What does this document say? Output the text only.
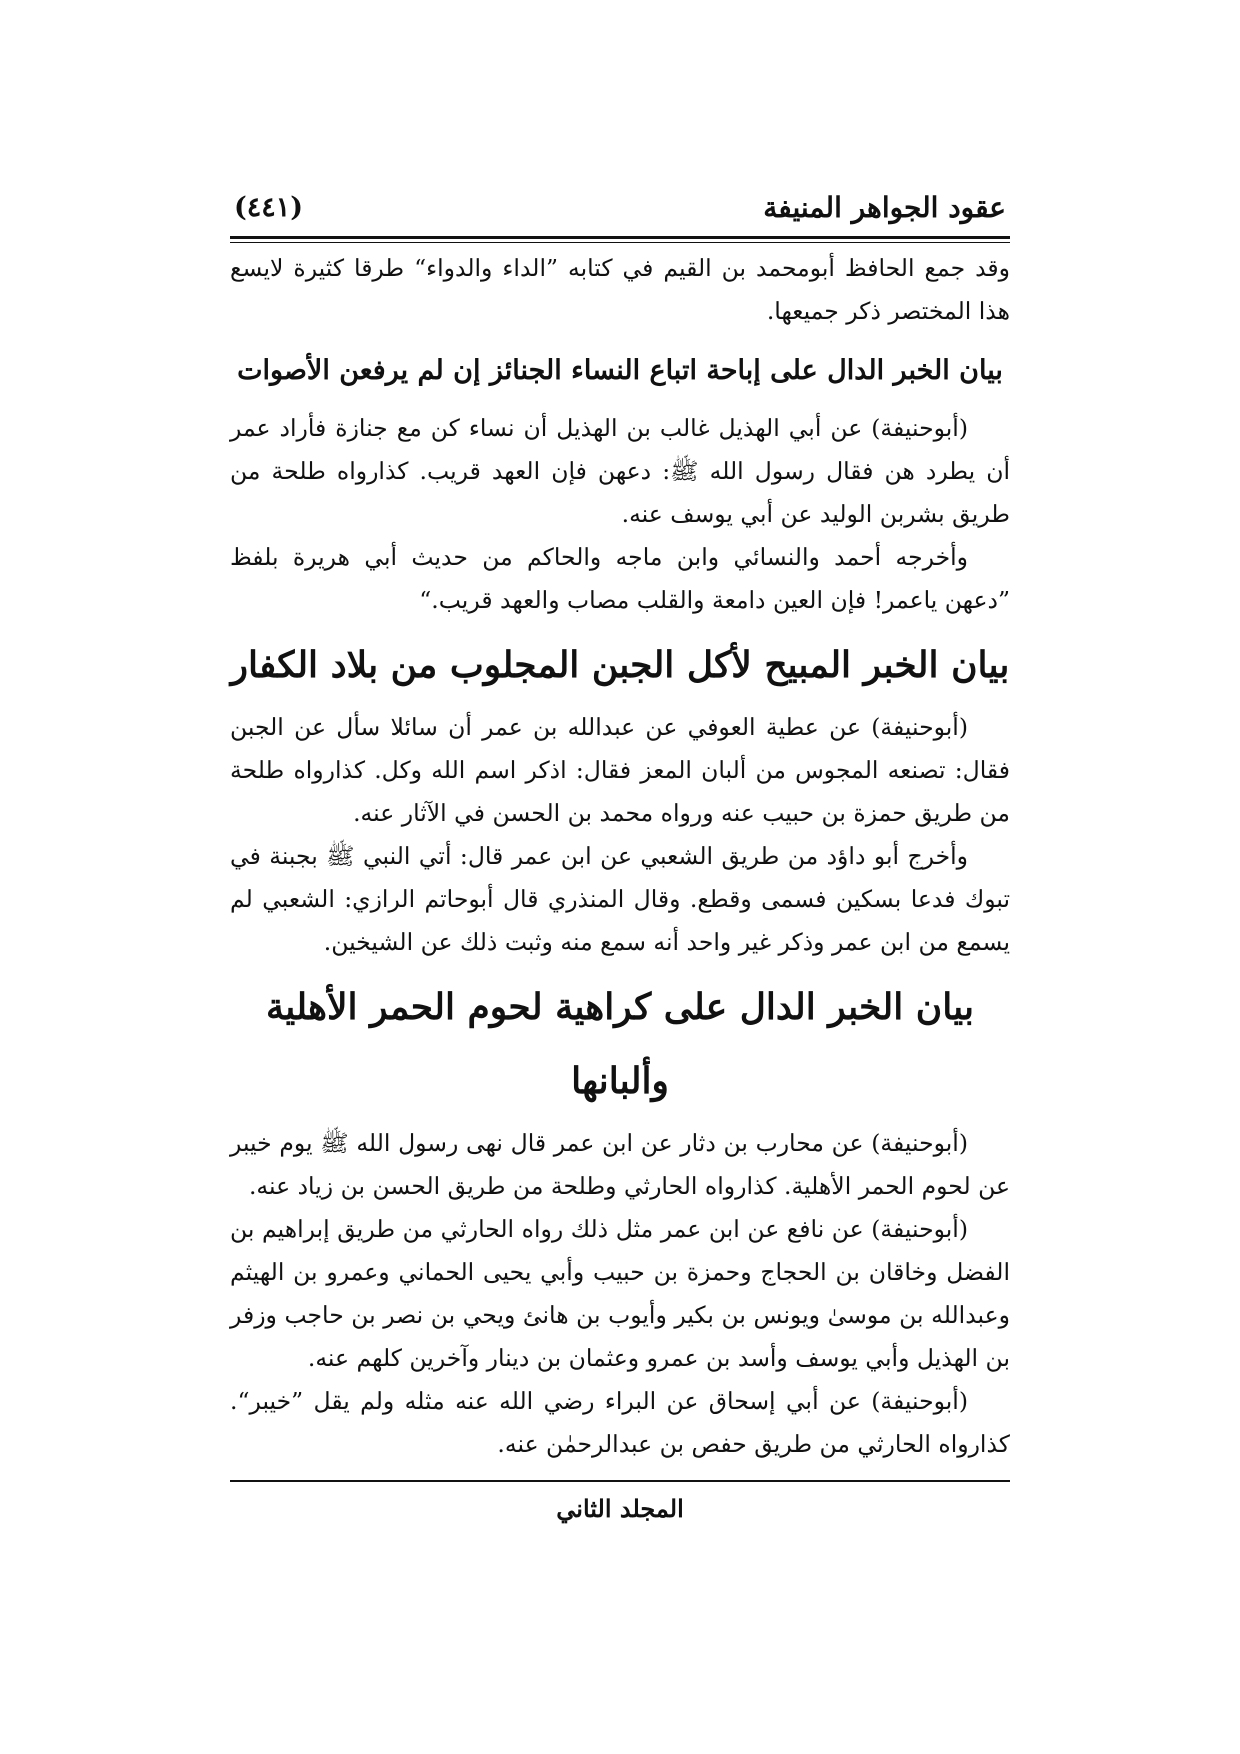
عقود الجواهر المنيفة
(٤٤١)

وقد جمع الحافظ أبومحمد بن القيم في كتابه ”الداء والدواء“ طرقا كثيرة لايسع هذا المختصر ذكر جميعها.

بيان الخبر الدال على إباحة اتباع النساء الجنائز إن لم يرفعن الأصوات

(أبوحنيفة) عن أبي الهذيل غالب بن الهذيل أن نساء كن مع جنازة فأراد عمر أن يطرد هن فقال رسول الله ﷺ: دعهن فإن العهد قريب. كذارواه طلحة من طريق بشربن الوليد عن أبي يوسف عنه.

وأخرجه أحمد والنسائي وابن ماجه والحاكم من حديث أبي هريرة بلفظ ”دعهن ياعمر! فإن العين دامعة والقلب مصاب والعهد قريب.“

بيان الخبر المبيح لأكل الجبن المجلوب من بلاد الكفار

(أبوحنيفة) عن عطية العوفي عن عبدالله بن عمر أن سائلا سأل عن الجبن فقال: تصنعه المجوس من ألبان المعز فقال: اذكر اسم الله وكل. كذارواه طلحة من طريق حمزة بن حبيب عنه ورواه محمد بن الحسن في الآثار عنه.

وأخرج أبو داؤد من طريق الشعبي عن ابن عمر قال: أتي النبي ﷺ بجبنة في تبوك فدعا بسكين فسمى وقطع. وقال المنذري قال أبوحاتم الرازي: الشعبي لم يسمع من ابن عمر وذكر غير واحد أنه سمع منه وثبت ذلك عن الشيخين.

بيان الخبر الدال على كراهية لحوم الحمر الأهلية وألبانها

(أبوحنيفة) عن محارب بن دثار عن ابن عمر قال نهى رسول الله ﷺ يوم خيبر عن لحوم الحمر الأهلية. كذارواه الحارثي وطلحة من طريق الحسن بن زياد عنه.

(أبوحنيفة) عن نافع عن ابن عمر مثل ذلك رواه الحارثي من طريق إبراهيم بن الفضل وخاقان بن الحجاج وحمزة بن حبيب وأبي يحيى الحماني وعمرو بن الهيثم وعبدالله بن موسىٰ ويونس بن بكير وأيوب بن هانئ ويحي بن نصر بن حاجب وزفر بن الهذيل وأبي يوسف وأسد بن عمرو وعثمان بن دينار وآخرين كلهم عنه.

(أبوحنيفة) عن أبي إسحاق عن البراء رضي الله عنه مثله ولم يقل ”خيبر“. كذارواه الحارثي من طريق حفص بن عبدالرحمٰن عنه.

المجلد الثاني
